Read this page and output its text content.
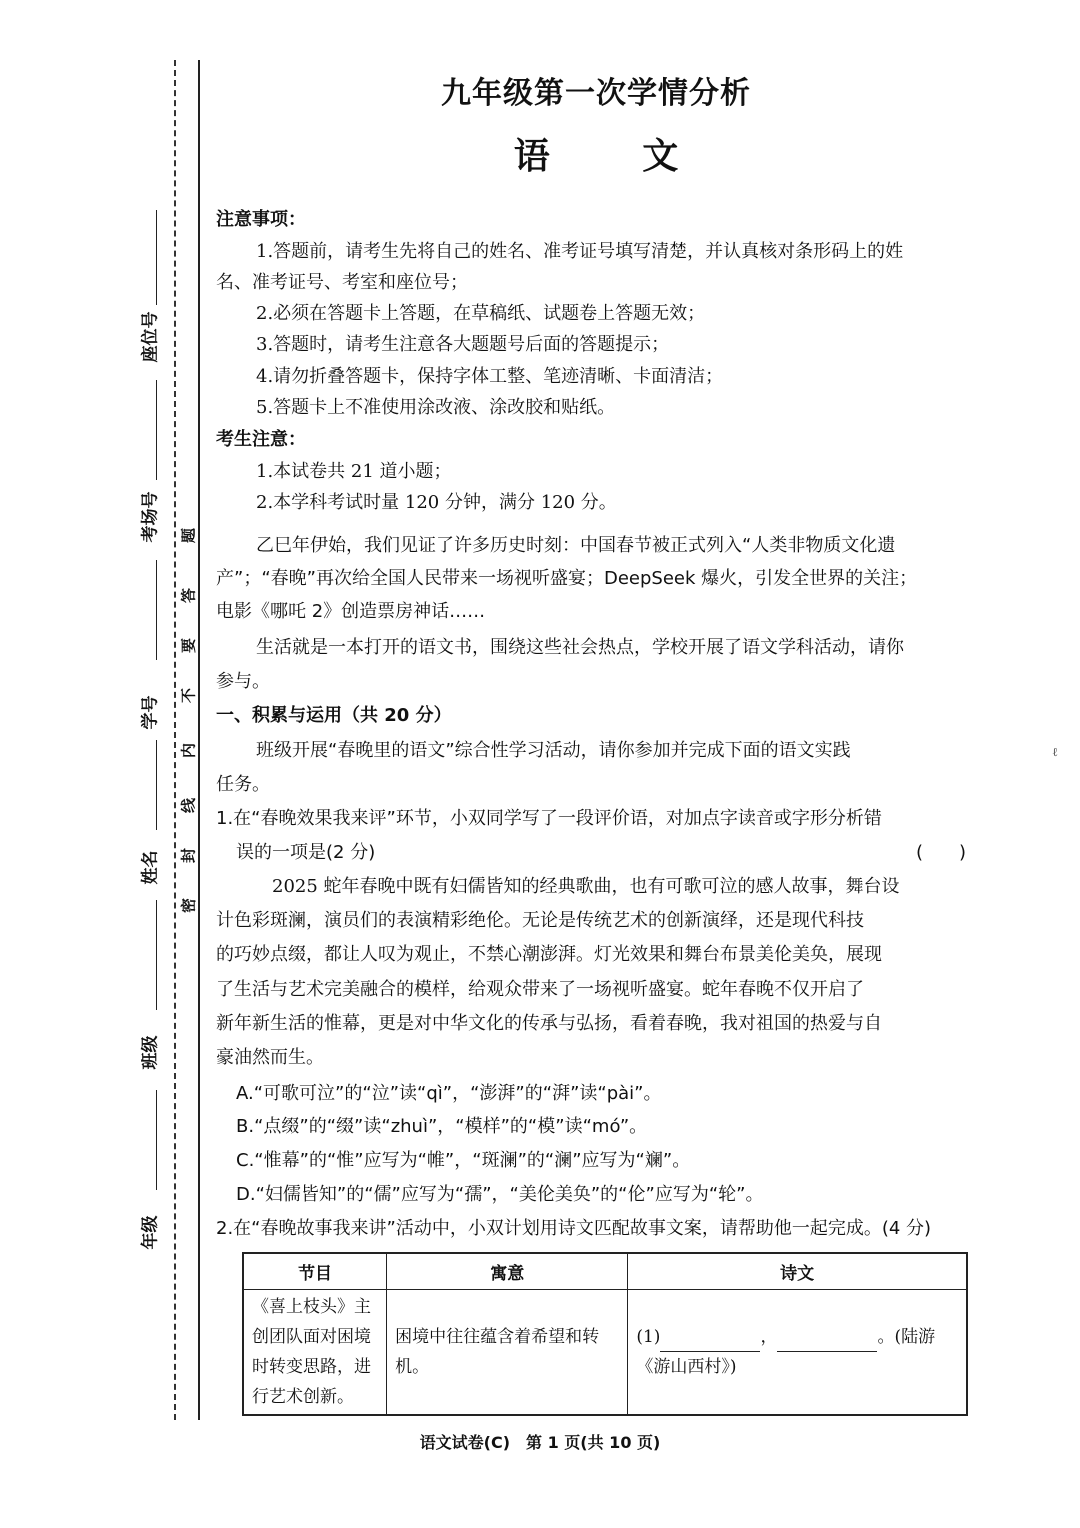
座位号
考场号
学号
姓名
班级
年级
题
答
要
不
内
线
封
密
九年级第一次学情分析
语 文
注意事项：
1.答题前，请考生先将自己的姓名、准考证号填写清楚，并认真核对条形码上的姓
名、准考证号、考室和座位号；
2.必须在答题卡上答题，在草稿纸、试题卷上答题无效；
3.答题时，请考生注意各大题题号后面的答题提示；
4.请勿折叠答题卡，保持字体工整、笔迹清晰、卡面清洁；
5.答题卡上不准使用涂改液、涂改胶和贴纸。
考生注意：
1.本试卷共 21 道小题；
2.本学科考试时量 120 分钟，满分 120 分。
乙巳年伊始，我们见证了许多历史时刻：中国春节被正式列入“人类非物质文化遗
产”；“春晚”再次给全国人民带来一场视听盛宴；DeepSeek 爆火，引发全世界的关注；
电影《哪吒 2》创造票房神话……
生活就是一本打开的语文书，围绕这些社会热点，学校开展了语文学科活动，请你
参与。
一、积累与运用（共 20 分）
班级开展“春晚里的语文”综合性学习活动，请你参加并完成下面的语文实践
任务。
1.在“春晚效果我来评”环节，小双同学写了一段评价语，对加点字读音或字形分析错
误的一项是(2 分)	(　　)
2025 蛇年春晚中既有妇儒皆知的经典歌曲，也有可歌可泣的感人故事，舞台设
计色彩斑澜，演员们的表演精彩绝伦。无论是传统艺术的创新演绎，还是现代科技
的巧妙点缀，都让人叹为观止，不禁心潮澎湃。灯光效果和舞台布景美伦美奂，展现
了生活与艺术完美融合的模样，给观众带来了一场视听盛宴。蛇年春晚不仅开启了
新年新生活的惟幕，更是对中华文化的传承与弘扬，看着春晚，我对祖国的热爱与自
豪油然而生。
A.“可歌可泣”的“泣”读“qì”，“澎湃”的“湃”读“pài”。
B.“点缀”的“缀”读“zhuì”，“模样”的“模”读“mó”。
C.“惟幕”的“惟”应写为“帷”，“斑澜”的“澜”应写为“斓”。
D.“妇儒皆知”的“儒”应写为“孺”，“美伦美奂”的“伦”应写为“轮”。
2.在“春晚故事我来讲”活动中，小双计划用诗文匹配故事文案，请帮助他一起完成。(4 分)
节目	寓意	诗文
《喜上枝头》主创团队面对困境时转变思路，进行艺术创新。	困境中往往蕴含着希望和转机。	(1) ， 。(陆游
《游山西村》)
语文试卷(C)　第 1 页(共 10 页)
ℓ
